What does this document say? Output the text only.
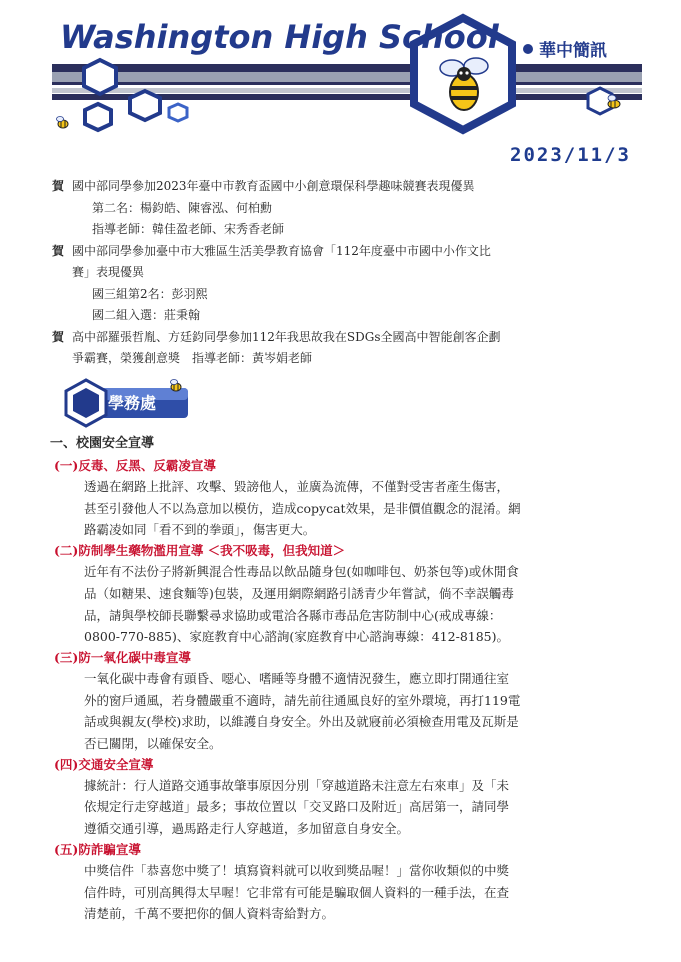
Washington High School 華中簡訊
2023/11/3
賀 國中部同學參加2023年臺中市教育盃國中小創意環保科學趣味競賽表現優異
第二名：楊鈞皓、陳睿泓、何柏勳
指導老師：韓佳盈老師、宋秀香老師
賀 國中部同學參加臺中市大雅區生活美學教育協會「112年度臺中市國中小作文比
賽」表現優異
國三組第2名：彭羽熙
國二組入選：莊秉翰
賀 高中部羅張哲胤、方廷鈞同學參加112年我思故我在SDGs全國高中智能創客企劃
爭霸賽，榮獲創意獎　指導老師：黃岑娟老師
學務處
一、校園安全宣導
(一)反毒、反黑、反霸凌宣導
透過在網路上批評、攻擊、毀謗他人，並廣為流傳，不僅對受害者產生傷害，
甚至引發他人不以為意加以模仿，造成copycat效果，是非價值觀念的混淆。網
路霸凌如同「看不到的拳頭」，傷害更大。
(二)防制學生藥物濫用宣導 ＜我不吸毒，但我知道＞
近年有不法份子將新興混合性毒品以飲品隨身包(如咖啡包、奶茶包等)或休閒食
品（如糖果、速食麵等)包裝，及運用網際網路引誘青少年嘗試，倘不幸誤觸毒
品，請與學校師長聯繫尋求協助或電洽各縣市毒品危害防制中心(戒成專線：
0800-770-885)、家庭教育中心諮詢(家庭教育中心諮詢專線：412-8185)。
(三)防一氧化碳中毒宣導
一氧化碳中毒會有頭昏、噁心、嗜睡等身體不適情況發生，應立即打開通往室
外的窗戶通風，若身體嚴重不適時，請先前往通風良好的室外環境，再打119電
話或與親友(學校)求助，以維護自身安全。外出及就寢前必須檢查用電及瓦斯是
否已關閉，以確保安全。
(四)交通安全宣導
據統計：行人道路交通事故肇事原因分別「穿越道路未注意左右來車」及「未
依規定行走穿越道」最多；事故位置以「交叉路口及附近」高居第一，請同學
遵循交通引導，過馬路走行人穿越道，多加留意自身安全。
(五)防詐騙宣導
中獎信件「恭喜您中獎了！填寫資料就可以收到獎品喔！」當你收類似的中獎
信件時，可別高興得太早喔！它非常有可能是騙取個人資料的一種手法，在查
清楚前，千萬不要把你的個人資料寄給對方。
